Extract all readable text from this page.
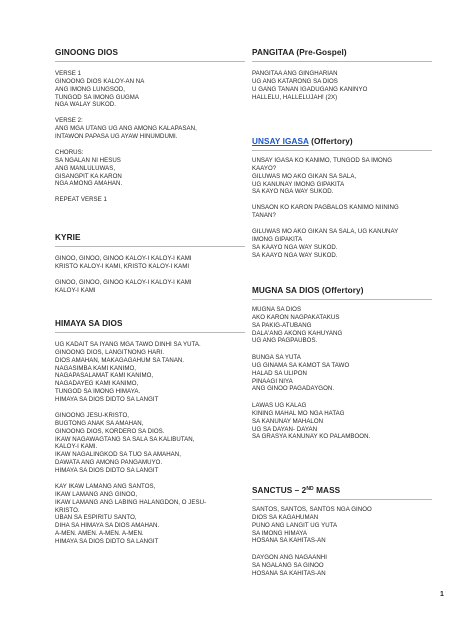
GINOONG DIOS
VERSE 1
GINOONG DIOS KALOY-AN NA
ANG IMONG LUNGSOD,
TUNGOD SA IMONG GUGMA
NGA WALAY SUKOD.
VERSE 2:
ANG MGA UTANG UG ANG AMONG KALAPASAN,
INTAWON PAPASA UG AYAW HINUMDUMI.
CHORUS:
SA NGALAN NI HESUS
ANG MANLULUWAS,
GISANGPIT KA KARON
NGA AMONG AMAHAN.
REPEAT VERSE 1
KYRIE
GINOO, GINOO, GINOO KALOY-I KALOY-I KAMI
KRISTO KALOY-I KAMI, KRISTO KALOY-I KAMI
GINOO, GINOO, GINOO KALOY-I KALOY-I KAMI
KALOY-I KAMI
HIMAYA SA DIOS
UG KADAIT SA IYANG MGA TAWO DINHI SA YUTA.
GINOONG DIOS, LANGITNONG HARI.
DIOS AMAHAN, MAKAGAGAHUM SA TANAN.
NAGASIMBA KAMI KANIMO,
NAGAPASALAMAT KAMI KANIMO,
NAGADAYEG KAMI KANIMO,
TUNGOD SA IMONG HIMAYA.
HIMAYA SA DIOS DIDTO SA LANGIT
GINOONG JESU-KRISTO,
BUGTONG ANAK SA AMAHAN,
GINOONG DIOS, KORDERO SA DIOS.
IKAW NAGAWAGTANG SA SALA SA KALIBUTAN,
KALOY-I KAMI.
IKAW NAGALINGKOD SA TUO SA AMAHAN,
DAWATA ANG AMONG PANGAMUYO.
HIMAYA SA DIOS DIDTO SA LANGIT
KAY IKAW LAMANG ANG SANTOS,
IKAW LAMANG ANG GINOO,
IKAW LAMANG ANG LABING HALANGDON, O JESU-
KRISTO.
UBAN SA ESPIRITU SANTO,
DIHA SA HIMAYA SA DIOS AMAHAN.
A-MEN. AMEN. A-MEN. A-MEN.
HIMAYA SA DIOS DIDTO SA LANGIT
PANGITAA (Pre-Gospel)
PANGITAA ANG GINGHARIAN
UG ANG KATARONG SA DIOS
U GANG TANAN IGADUGANG KANINYO
HALLELU, HALLELUJAH! (2X)
UNSAY IGASA (Offertory)
UNSAY IGASA KO KANIMO, TUNGOD SA IMONG
KAAYO?
GILUWAS MO AKO GIKAN SA SALA,
UG KANUNAY IMONG GIPAKITA
SA KAYO NGA WAY SUKOD.
UNSAON KO KARON PAGBALOS KANIMO NIINING
TANAN?
GILUWAS MO AKO GIKAN SA SALA, UG KANUNAY
IMONG GIPAKITA
SA KAAYO NGA WAY SUKOD.
SA KAAYO NGA WAY SUKOD.
MUGNA SA DIOS (Offertory)
MUGNA SA DIOS
AKO KARON NAGPAKATAKUS
SA PAKIG-ATUBANG
DALA'ANG AKONG KAHUYANG
UG ANG PAGPAUBOS.
BUNGA SA YUTA
UG GINAMA SA KAMOT SA TAWO
HALAD SA ULIPON
PINAAGI NIYA
ANG GINOO PAGADAYGON.
LAWAS UG KALAG
KINING MAHAL MO NGA HATAG
SA KANUNAY MAHALON
UG SA DAYAN- DAYAN
SA GRASYA KANUNAY KO PALAMBOON.
SANCTUS – 2ND MASS
SANTOS, SANTOS, SANTOS NGA GINOO
DIOS SA KAGAHUMAN
PUNO ANG LANGIT UG YUTA
SA IMONG HIMAYA
HOSANA SA KAHITAS-AN
DAYGON ANG NAGAANHI
SA NGALANG SA GINOO
HOSANA SA KAHITAS-AN
1
